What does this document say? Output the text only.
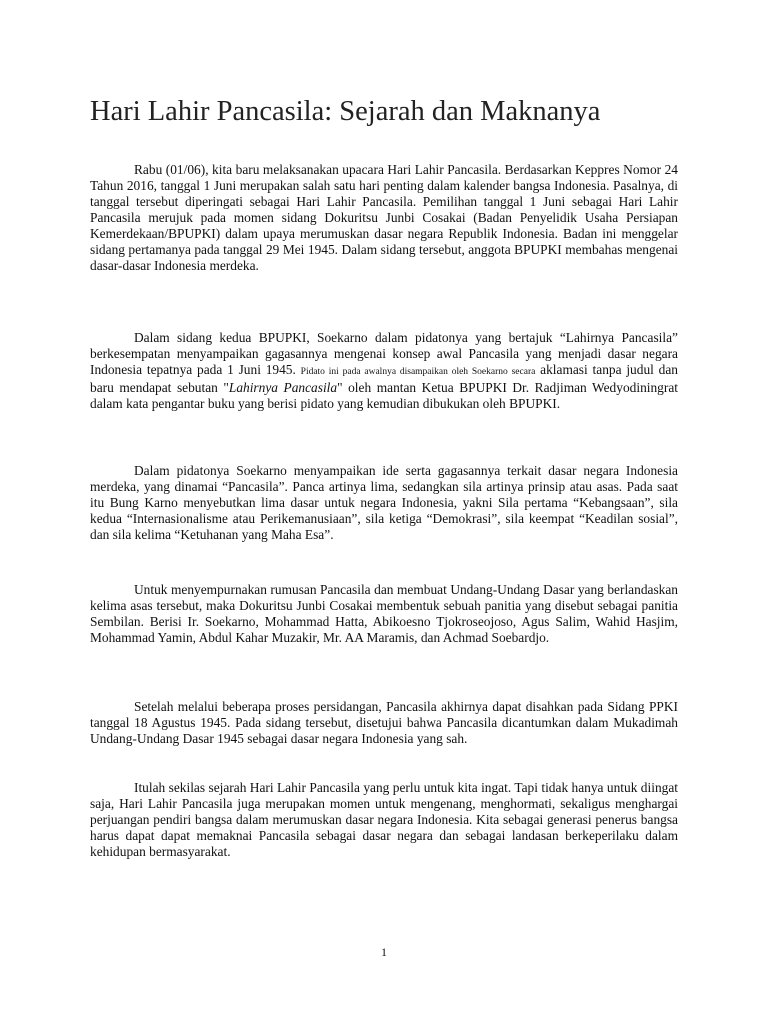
Hari Lahir Pancasila: Sejarah dan Maknanya

Rabu (01/06), kita baru melaksanakan upacara Hari Lahir Pancasila. Berdasarkan Keppres Nomor 24 Tahun 2016, tanggal 1 Juni merupakan salah satu hari penting dalam kalender bangsa Indonesia. Pasalnya, di tanggal tersebut diperingati sebagai Hari Lahir Pancasila. Pemilihan tanggal 1 Juni sebagai Hari Lahir Pancasila merujuk pada momen sidang Dokuritsu Junbi Cosakai (Badan Penyelidik Usaha Persiapan Kemerdekaan/BPUPKI) dalam upaya merumuskan dasar negara Republik Indonesia. Badan ini menggelar sidang pertamanya pada tanggal 29 Mei 1945. Dalam sidang tersebut, anggota BPUPKI membahas mengenai dasar-dasar Indonesia merdeka.

Dalam sidang kedua BPUPKI, Soekarno dalam pidatonya yang bertajuk “Lahirnya Pancasila” berkesempatan menyampaikan gagasannya mengenai konsep awal Pancasila yang menjadi dasar negara Indonesia tepatnya pada 1 Juni 1945. Pidato ini pada awalnya disampaikan oleh Soekarno secara aklamasi tanpa judul dan baru mendapat sebutan "Lahirnya Pancasila" oleh mantan Ketua BPUPKI Dr. Radjiman Wedyodiningrat dalam kata pengantar buku yang berisi pidato yang kemudian dibukukan oleh BPUPKI.

Dalam pidatonya Soekarno menyampaikan ide serta gagasannya terkait dasar negara Indonesia merdeka, yang dinamai “Pancasila”. Panca artinya lima, sedangkan sila artinya prinsip atau asas. Pada saat itu Bung Karno menyebutkan lima dasar untuk negara Indonesia, yakni Sila pertama “Kebangsaan”, sila kedua “Internasionalisme atau Perikemanusiaan”, sila ketiga “Demokrasi”, sila keempat “Keadilan sosial”, dan sila kelima “Ketuhanan yang Maha Esa”.

Untuk menyempurnakan rumusan Pancasila dan membuat Undang-Undang Dasar yang berlandaskan kelima asas tersebut, maka Dokuritsu Junbi Cosakai membentuk sebuah panitia yang disebut sebagai panitia Sembilan. Berisi Ir. Soekarno, Mohammad Hatta, Abikoesno Tjokroseojoso, Agus Salim, Wahid Hasjim, Mohammad Yamin, Abdul Kahar Muzakir, Mr. AA Maramis, dan Achmad Soebardjo.

Setelah melalui beberapa proses persidangan, Pancasila akhirnya dapat disahkan pada Sidang PPKI tanggal 18 Agustus 1945. Pada sidang tersebut, disetujui bahwa Pancasila dicantumkan dalam Mukadimah Undang-Undang Dasar 1945 sebagai dasar negara Indonesia yang sah.

Itulah sekilas sejarah Hari Lahir Pancasila yang perlu untuk kita ingat. Tapi tidak hanya untuk diingat saja, Hari Lahir Pancasila juga merupakan momen untuk mengenang, menghormati, sekaligus menghargai perjuangan pendiri bangsa dalam merumuskan dasar negara Indonesia. Kita sebagai generasi penerus bangsa harus dapat dapat memaknai Pancasila sebagai dasar negara dan sebagai landasan berkeperilaku dalam kehidupan bermasyarakat.

1
